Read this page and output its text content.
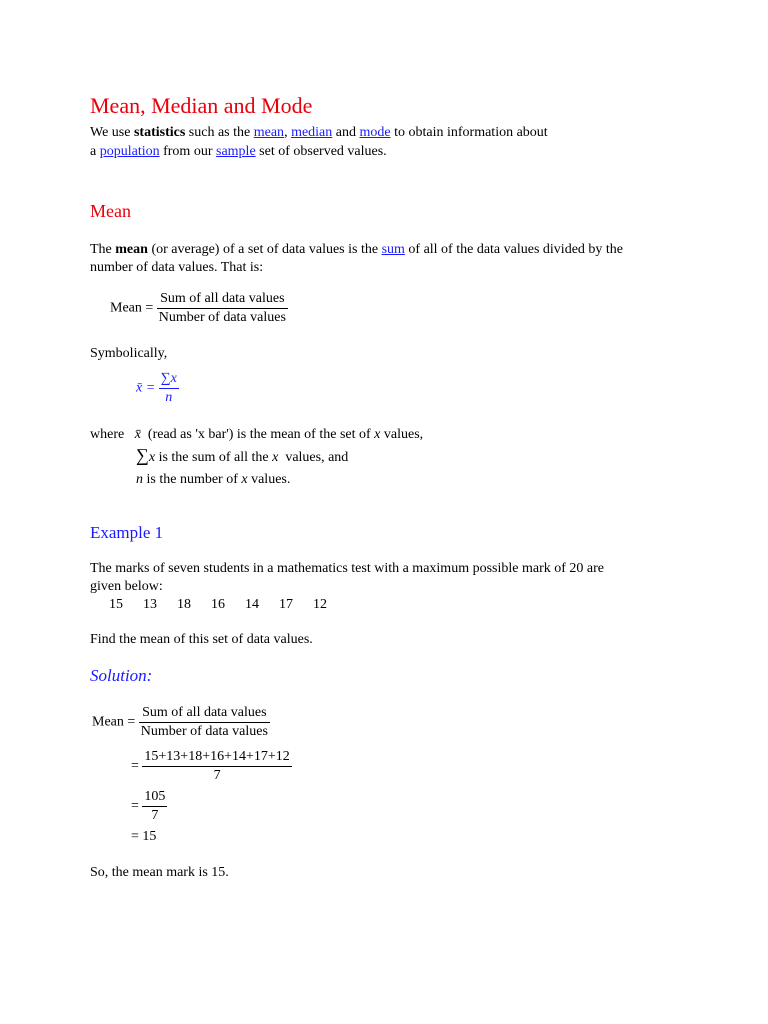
Mean, Median and Mode
We use statistics such as the mean, median and mode to obtain information about
a population from our sample set of observed values.
Mean
The mean (or average) of a set of data values is the sum of all of the data values divided by the
number of data values. That is:
Mean = $\frac{\text{Sum of all data values}}{\text{Number of data values}}$
Symbolically,
x̄ = $\frac{\sum x}{n}$
where x̄ (read as 'x bar') is the mean of the set of x values,
∑x is the sum of all the x values, and
n is the number of x values.
Example 1
The marks of seven students in a mathematics test with a maximum possible mark of 20 are
given below:
15 13 18 16 14 17 12
Find the mean of this set of data values.
Solution:
Mean = $\frac{\text{Sum of all data values}}{\text{Number of data values}}$
= $\frac{15+13+18+16+14+17+12}{7}$
= $\frac{105}{7}$
= 15
So, the mean mark is 15.
